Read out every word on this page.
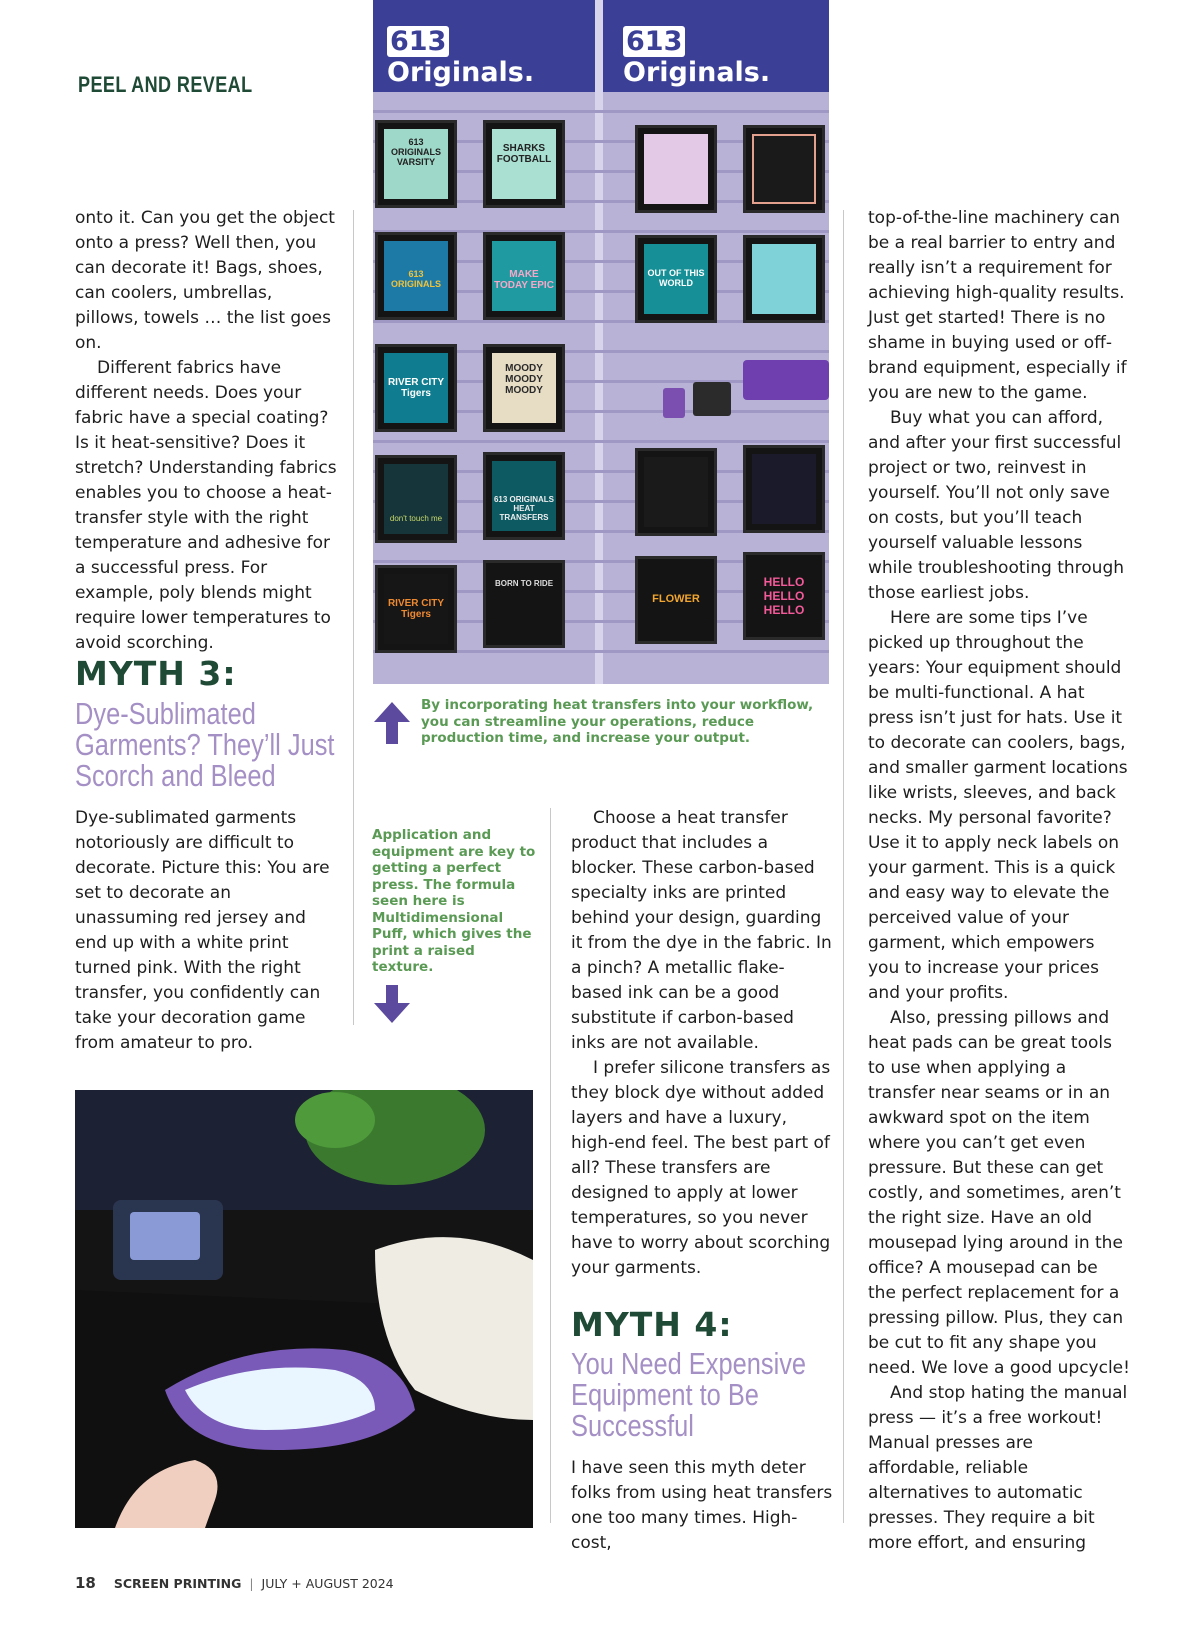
PEEL AND REVEAL

onto it. Can you get the object onto a press? Well then, you can decorate it! Bags, shoes, can coolers, umbrellas, pillows, towels … the list goes on.

Different fabrics have different needs. Does your fabric have a special coating? Is it heat-sensitive? Does it stretch? Understanding fabrics enables you to choose a heat-transfer style with the right temperature and adhesive for a successful press. For example, poly blends might require lower temperatures to avoid scorching.

MYTH 3:
Dye-Sublimated Garments? They’ll Just Scorch and Bleed

Dye-sublimated garments notoriously are difficult to decorate. Picture this: You are set to decorate an unassuming red jersey and end up with a white print turned pink. With the right transfer, you confidently can take your decoration game from amateur to pro.

613Originals.
613Originals.
613 ORIGINALS VARSITY
SHARKS FOOTBALL
613 ORIGINALS
MAKE TODAY EPIC
OUT OF THIS WORLD
RIVER CITY Tigers
MOODY MOODY MOODY
don't touch me
613 ORIGINALS HEAT TRANSFERS
RIVER CITY Tigers
BORN TO RIDE
FLOWER
HELLO HELLO HELLO
By incorporating heat transfers into your workflow, you can streamline your operations, reduce production time, and increase your output.
Application and equipment are key to getting a perfect press. The formula seen here is Multidimensional Puff, which gives the print a raised texture.

Choose a heat transfer product that includes a blocker. These carbon-based specialty inks are printed behind your design, guarding it from the dye in the fabric. In a pinch? A metallic flake-based ink can be a good substitute if carbon-based inks are not available.

I prefer silicone transfers as they block dye without added layers and have a luxury, high-end feel. The best part of all? These transfers are designed to apply at lower temperatures, so you never have to worry about scorching your garments.

MYTH 4:
You Need Expensive Equipment to Be Successful

I have seen this myth deter folks from using heat transfers one too many times. High-cost,

top-of-the-line machinery can be a real barrier to entry and really isn’t a requirement for achieving high-quality results. Just get started! There is no shame in buying used or off-brand equipment, especially if you are new to the game.

Buy what you can afford, and after your first successful project or two, reinvest in yourself. You’ll not only save on costs, but you’ll teach yourself valuable lessons while troubleshooting through those earliest jobs.

Here are some tips I’ve picked up throughout the years: Your equipment should be multi-functional. A hat press isn’t just for hats. Use it to decorate can coolers, bags, and smaller garment locations like wrists, sleeves, and back necks. My personal favorite? Use it to apply neck labels on your garment. This is a quick and easy way to elevate the perceived value of your garment, which empowers you to increase your prices and your profits.

Also, pressing pillows and heat pads can be great tools to use when applying a transfer near seams or in an awkward spot on the item where you can’t get even pressure. But these can get costly, and sometimes, aren’t the right size. Have an old mousepad lying around in the office? A mousepad can be the perfect replacement for a pressing pillow. Plus, they can be cut to fit any shape you need. We love a good upcycle!

And stop hating the manual press — it’s a free workout! Manual presses are affordable, reliable alternatives to automatic presses. They require a bit more effort, and ensuring

18 SCREEN PRINTING | JULY + AUGUST 2024
